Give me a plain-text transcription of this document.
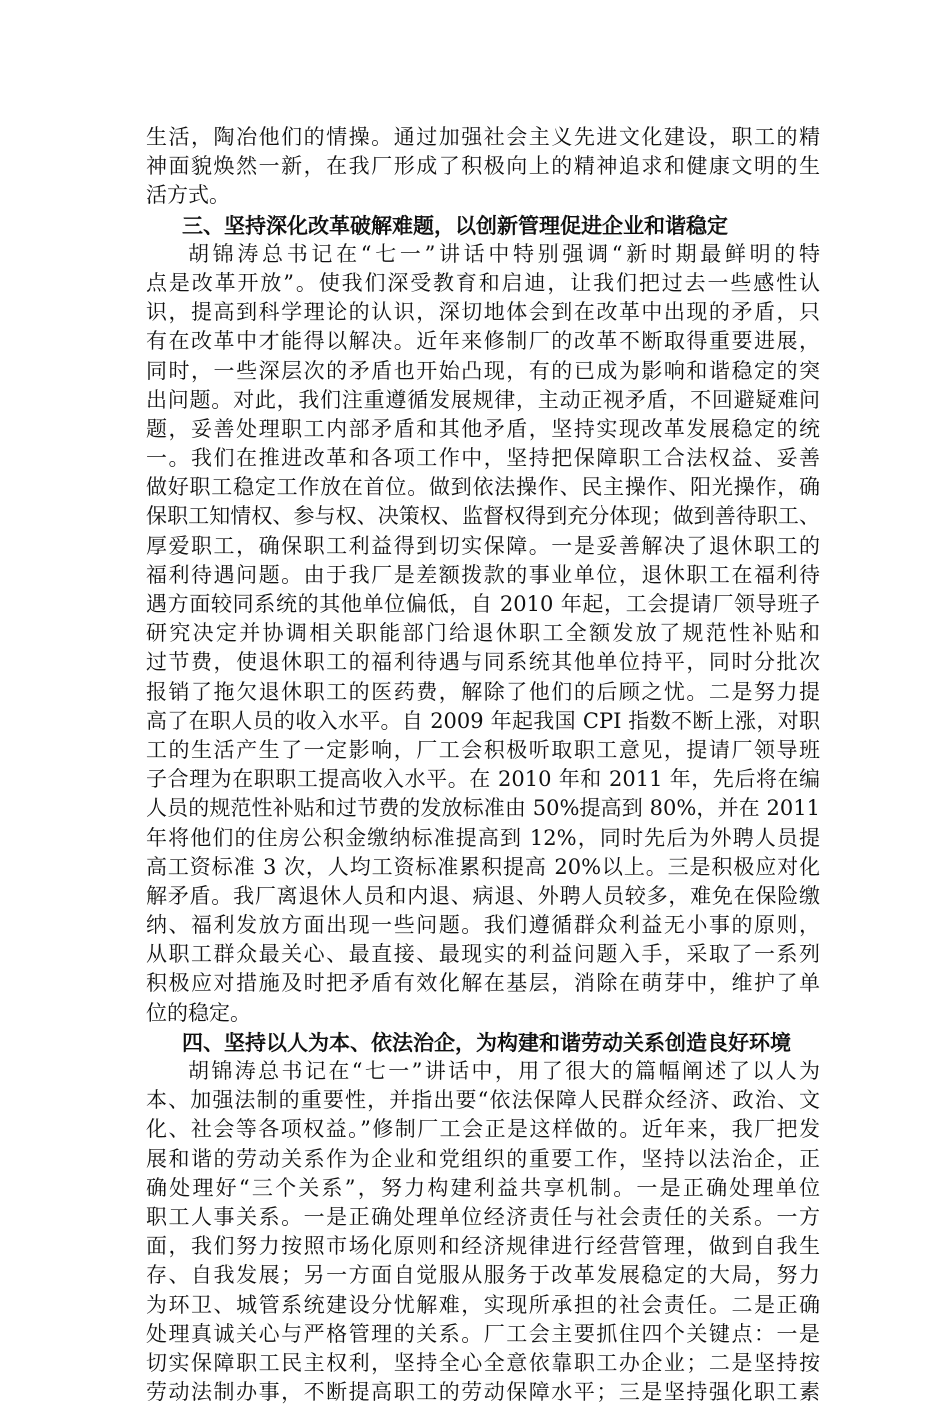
生活，陶冶他们的情操。通过加强社会主义先进文化建设，职工的精
神面貌焕然一新，在我厂形成了积极向上的精神追求和健康文明的生
活方式。
三、坚持深化改革破解难题，以创新管理促进企业和谐稳定
胡锦涛总书记在“七一”讲话中特别强调“新时期最鲜明的特
点是改革开放”。使我们深受教育和启迪，让我们把过去一些感性认
识，提高到科学理论的认识，深切地体会到在改革中出现的矛盾，只
有在改革中才能得以解决。近年来修制厂的改革不断取得重要进展，
同时，一些深层次的矛盾也开始凸现，有的已成为影响和谐稳定的突
出问题。对此，我们注重遵循发展规律，主动正视矛盾，不回避疑难问
题，妥善处理职工内部矛盾和其他矛盾，坚持实现改革发展稳定的统
一。我们在推进改革和各项工作中，坚持把保障职工合法权益、妥善
做好职工稳定工作放在首位。做到依法操作、民主操作、阳光操作，确
保职工知情权、参与权、决策权、监督权得到充分体现；做到善待职工、
厚爱职工，确保职工利益得到切实保障。一是妥善解决了退休职工的
福利待遇问题。由于我厂是差额拨款的事业单位，退休职工在福利待
遇方面较同系统的其他单位偏低，自 2010 年起，工会提请厂领导班子
研究决定并协调相关职能部门给退休职工全额发放了规范性补贴和
过节费，使退休职工的福利待遇与同系统其他单位持平，同时分批次
报销了拖欠退休职工的医药费，解除了他们的后顾之忧。二是努力提
高了在职人员的收入水平。自 2009 年起我国 CPI 指数不断上涨，对职
工的生活产生了一定影响，厂工会积极听取职工意见，提请厂领导班
子合理为在职职工提高收入水平。在 2010 年和 2011 年，先后将在编
人员的规范性补贴和过节费的发放标准由 50%提高到 80%，并在 2011
年将他们的住房公积金缴纳标准提高到 12%，同时先后为外聘人员提
高工资标准 3 次，人均工资标准累积提高 20%以上。三是积极应对化
解矛盾。我厂离退休人员和内退、病退、外聘人员较多，难免在保险缴
纳、福利发放方面出现一些问题。我们遵循群众利益无小事的原则，
从职工群众最关心、最直接、最现实的利益问题入手，采取了一系列
积极应对措施及时把矛盾有效化解在基层，消除在萌芽中，维护了单
位的稳定。
四、坚持以人为本、依法治企，为构建和谐劳动关系创造良好环境
胡锦涛总书记在“七一”讲话中，用了很大的篇幅阐述了以人为
本、加强法制的重要性，并指出要“依法保障人民群众经济、政治、文
化、社会等各项权益。”修制厂工会正是这样做的。近年来，我厂把发
展和谐的劳动关系作为企业和党组织的重要工作，坚持以法治企，正
确处理好“三个关系”，努力构建利益共享机制。一是正确处理单位
职工人事关系。一是正确处理单位经济责任与社会责任的关系。一方
面，我们努力按照市场化原则和经济规律进行经营管理，做到自我生
存、自我发展；另一方面自觉服从服务于改革发展稳定的大局，努力
为环卫、城管系统建设分忧解难，实现所承担的社会责任。二是正确
处理真诚关心与严格管理的关系。厂工会主要抓住四个关键点：一是
切实保障职工民主权利，坚持全心全意依靠职工办企业；二是坚持按
劳动法制办事，不断提高职工的劳动保障水平；三是坚持强化职工素
